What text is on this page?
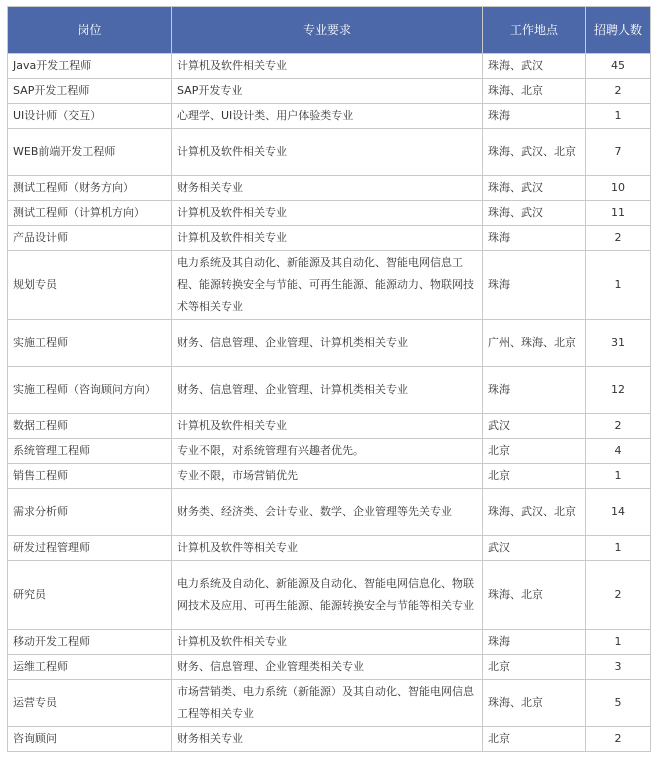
岗位	专业要求	工作地点	招聘人数
Java开发工程师	计算机及软件相关专业	珠海、武汉	45
SAP开发工程师	SAP开发专业	珠海、北京	2
UI设计师（交互）	心理学、UI设计类、用户体验类专业	珠海	1
WEB前端开发工程师	计算机及软件相关专业	珠海、武汉、北京	7
测试工程师（财务方向）	财务相关专业	珠海、武汉	10
测试工程师（计算机方向）	计算机及软件相关专业	珠海、武汉	11
产品设计师	计算机及软件相关专业	珠海	2
规划专员	电力系统及其自动化、新能源及其自动化、智能电网信息工程、能源转换安全与节能、可再生能源、能源动力、物联网技术等相关专业	珠海	1
实施工程师	财务、信息管理、企业管理、计算机类相关专业	广州、珠海、北京	31
实施工程师（咨询顾问方向）	财务、信息管理、企业管理、计算机类相关专业	珠海	12
数据工程师	计算机及软件相关专业	武汉	2
系统管理工程师	专业不限，对系统管理有兴趣者优先。	北京	4
销售工程师	专业不限，市场营销优先	北京	1
需求分析师	财务类、经济类、会计专业、数学、企业管理等先关专业	珠海、武汉、北京	14
研发过程管理师	计算机及软件等相关专业	武汉	1
研究员	电力系统及自动化、新能源及自动化、智能电网信息化、物联网技术及应用、可再生能源、能源转换安全与节能等相关专业	珠海、北京	2
移动开发工程师	计算机及软件相关专业	珠海	1
运维工程师	财务、信息管理、企业管理类相关专业	北京	3
运营专员	市场营销类、电力系统（新能源）及其自动化、智能电网信息工程等相关专业	珠海、北京	5
咨询顾问	财务相关专业	北京	2
